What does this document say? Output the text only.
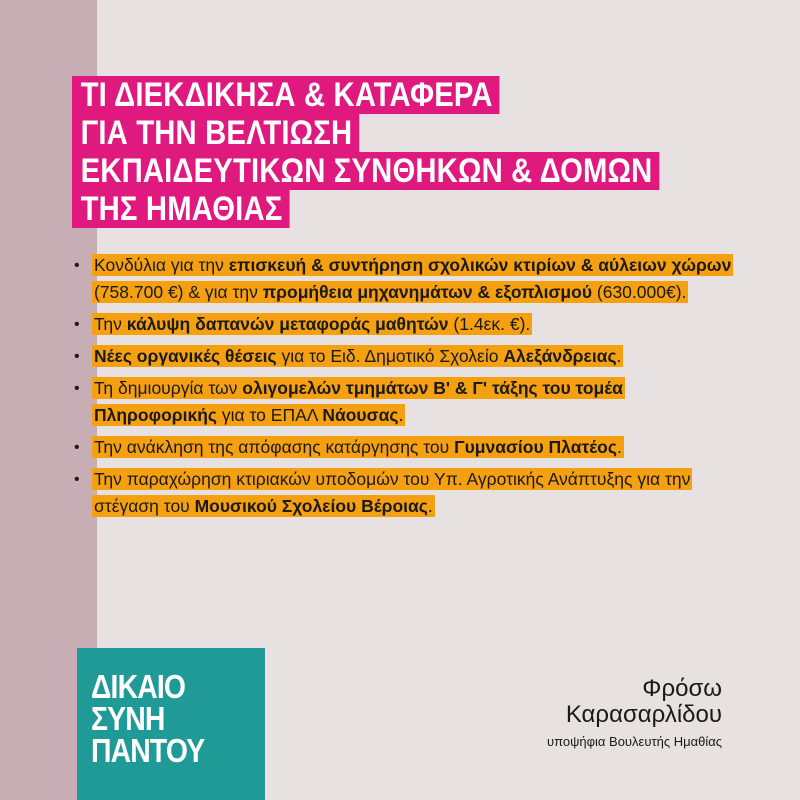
ΤΙ ΔΙΕΚΔΙΚΗΣΑ & ΚΑΤΑΦΕΡΑ
ΓΙΑ ΤΗΝ ΒΕΛΤΙΩΣΗ
ΕΚΠΑΙΔΕΥΤΙΚΩΝ ΣΥΝΘΗΚΩΝ & ΔΟΜΩΝ
ΤΗΣ ΗΜΑΘΙΑΣ
• Κονδύλια για την επισκευή & συντήρηση σχολικών κτιρίων & αύλειων χώρων (758.700 €) & για την προμήθεια μηχανημάτων & εξοπλισμού (630.000€).
• Την κάλυψη δαπανών μεταφοράς μαθητών (1.4εκ. €).
• Νέες οργανικές θέσεις για το Ειδ. Δημοτικό Σχολείο Αλεξάνδρειας.
• Τη δημιουργία των ολιγομελών τμημάτων Β' & Γ' τάξης του τομέα Πληροφορικής για το ΕΠΑΛ Νάουσας.
• Την ανάκληση της απόφασης κατάργησης του Γυμνασίου Πλατέος.
• Την παραχώρηση κτιριακών υποδομών του Υπ. Αγροτικής Ανάπτυξης για την στέγαση του Μουσικού Σχολείου Βέροιας.
ΔΙΚΑΙΟ
ΣΥΝΗ
ΠΑΝΤΟΥ
Φρόσω
Καρασαρλίδου
υποψήφια Βουλευτής Ημαθίας
